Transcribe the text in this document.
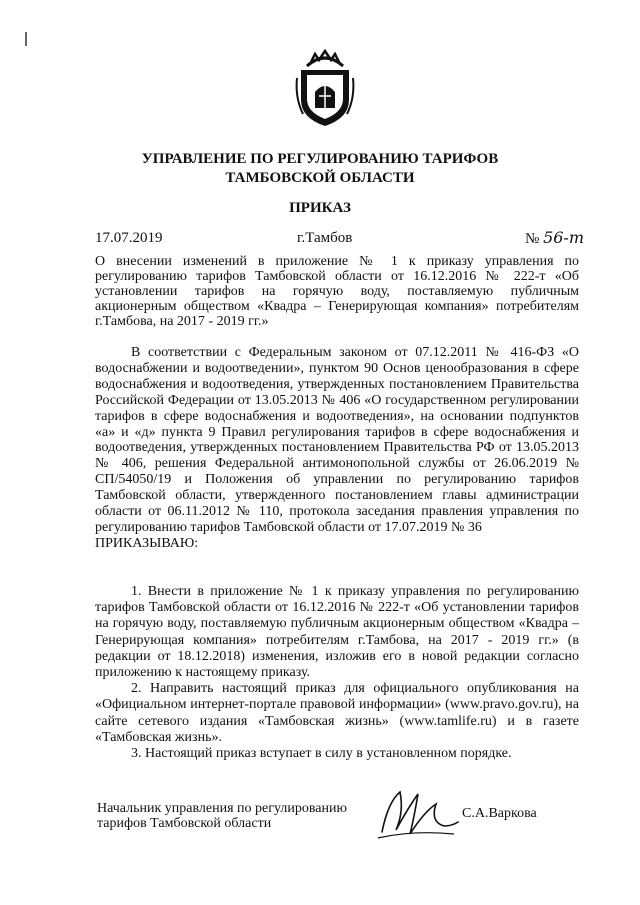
УПРАВЛЕНИЕ ПО РЕГУЛИРОВАНИЮ ТАРИФОВ
ТАМБОВСКОЙ ОБЛАСТИ
ПРИКАЗ
17.07.2019	г.Тамбов	№ 56-т
О внесении изменений в приложение № 1 к приказу управления по регулированию тарифов Тамбовской области от 16.12.2016 № 222-т «Об установлении тарифов на горячую воду, поставляемую публичным акционерным обществом «Квадра – Генерирующая компания» потребителям г.Тамбова, на 2017 - 2019 гг.»

В соответствии с Федеральным законом от 07.12.2011 № 416-ФЗ «О водоснабжении и водоотведении», пунктом 90 Основ ценообразования в сфере водоснабжения и водоотведения, утвержденных постановлением Правительства Российской Федерации от 13.05.2013 № 406 «О государственном регулировании тарифов в сфере водоснабжения и водоотведения», на основании подпунктов «а» и «д» пункта 9 Правил регулирования тарифов в сфере водоснабжения и водоотведения, утвержденных постановлением Правительства РФ от 13.05.2013 № 406, решения Федеральной антимонопольной службы от 26.06.2019 № СП/54050/19 и Положения об управлении по регулированию тарифов Тамбовской области, утвержденного постановлением главы администрации области от 06.11.2012 № 110, протокола заседания правления управления по регулированию тарифов Тамбовской области от 17.07.2019 № 36

ПРИКАЗЫВАЮ:

1. Внести в приложение № 1 к приказу управления по регулированию тарифов Тамбовской области от 16.12.2016 № 222-т «Об установлении тарифов на горячую воду, поставляемую публичным акционерным обществом «Квадра – Генерирующая компания» потребителям г.Тамбова, на 2017 - 2019 гг.» (в редакции от 18.12.2018) изменения, изложив его в новой редакции согласно приложению к настоящему приказу.

2. Направить настоящий приказ для официального опубликования на «Официальном интернет-портале правовой информации» (www.pravo.gov.ru), на сайте сетевого издания «Тамбовская жизнь» (www.tamlife.ru) и в газете «Тамбовская жизнь».

3. Настоящий приказ вступает в силу в установленном порядке.

Начальник управления по регулированию
тарифов Тамбовской области
С.А.Варкова
